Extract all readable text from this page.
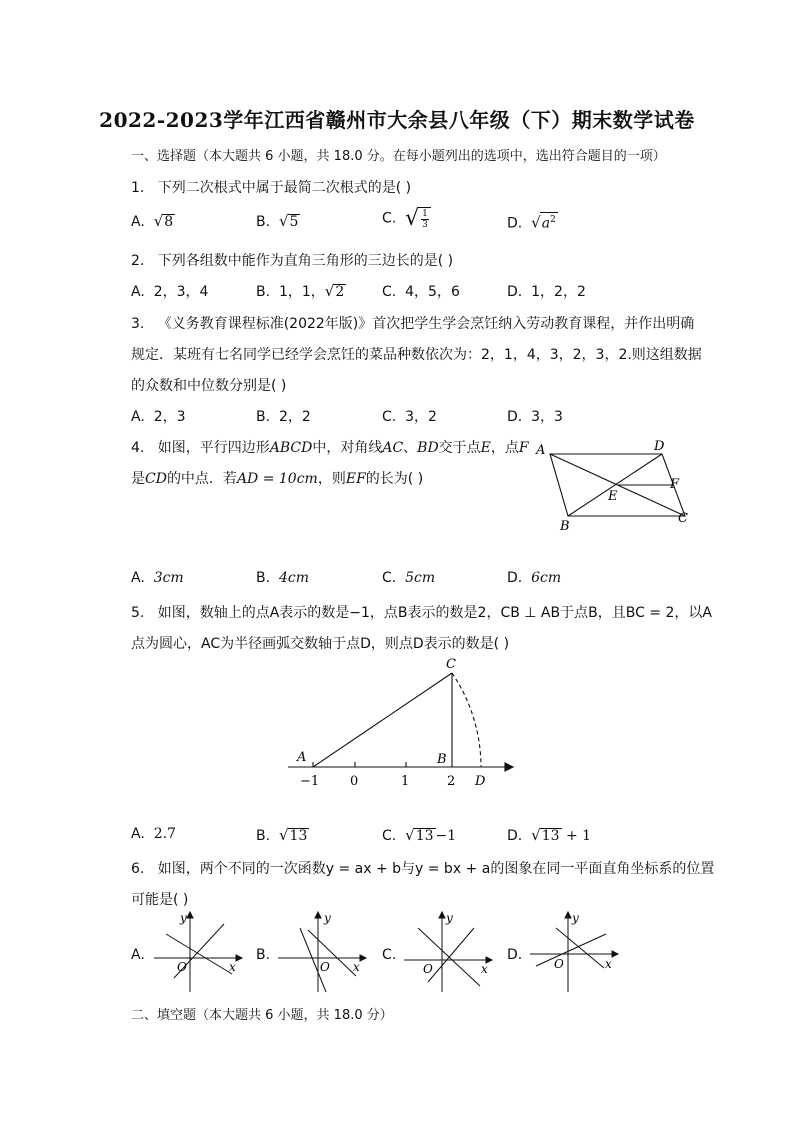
2022-2023学年江西省赣州市大余县八年级（下）期末数学试卷
一、选择题（本大题共 6 小题，共 18.0 分。在每小题列出的选项中，选出符合题目的一项）
1. 下列二次根式中属于最简二次根式的是( )
A. √8	B. √5	C. √ $\frac{1}{3}$	D. $√a^2$
2. 下列各组数中能作为直角三角形的三边长的是( )
A. 2，3，4	B. 1，1，√2	C. 4，5，6	D. 1，2，2
3. 《义务教育课程标准(2022年版)》首次把学生学会烹饪纳入劳动教育课程，并作出明确
规定．某班有七名同学已经学会烹饪的菜品种数依次为：2，1，4，3，2，3，2.则这组数据
的众数和中位数分别是( )
A. 2，3	B. 2，2	C. 3，2	D. 3，3
4. 如图，平行四边形ABCD中，对角线AC、BD交于点E，点F
是CD的中点．若AD = 10cm，则EF的长为( )
A	D
F
E
B
C
A. 3cm	B. 4cm	C. 5cm	D. 6cm
5. 如图，数轴上的点A表示的数是−1，点B表示的数是2，CB ⊥ AB于点B，且BC = 2，以A
点为圆心，AC为半径画弧交数轴于点D，则点D表示的数是( )
C
A	B
−1 0	1	2 D
A. 2.7	B. √13	C. √13 −1	D. √13 + 1
6. 如图，两个不同的一次函数y = ax + b与y = bx + a的图象在同一平面直角坐标系的位置
可能是( )
A.
y
x
O
B.
y
x
O
C.
y
x
O
D.
y
x
O
二、填空题（本大题共 6 小题，共 18.0 分）
